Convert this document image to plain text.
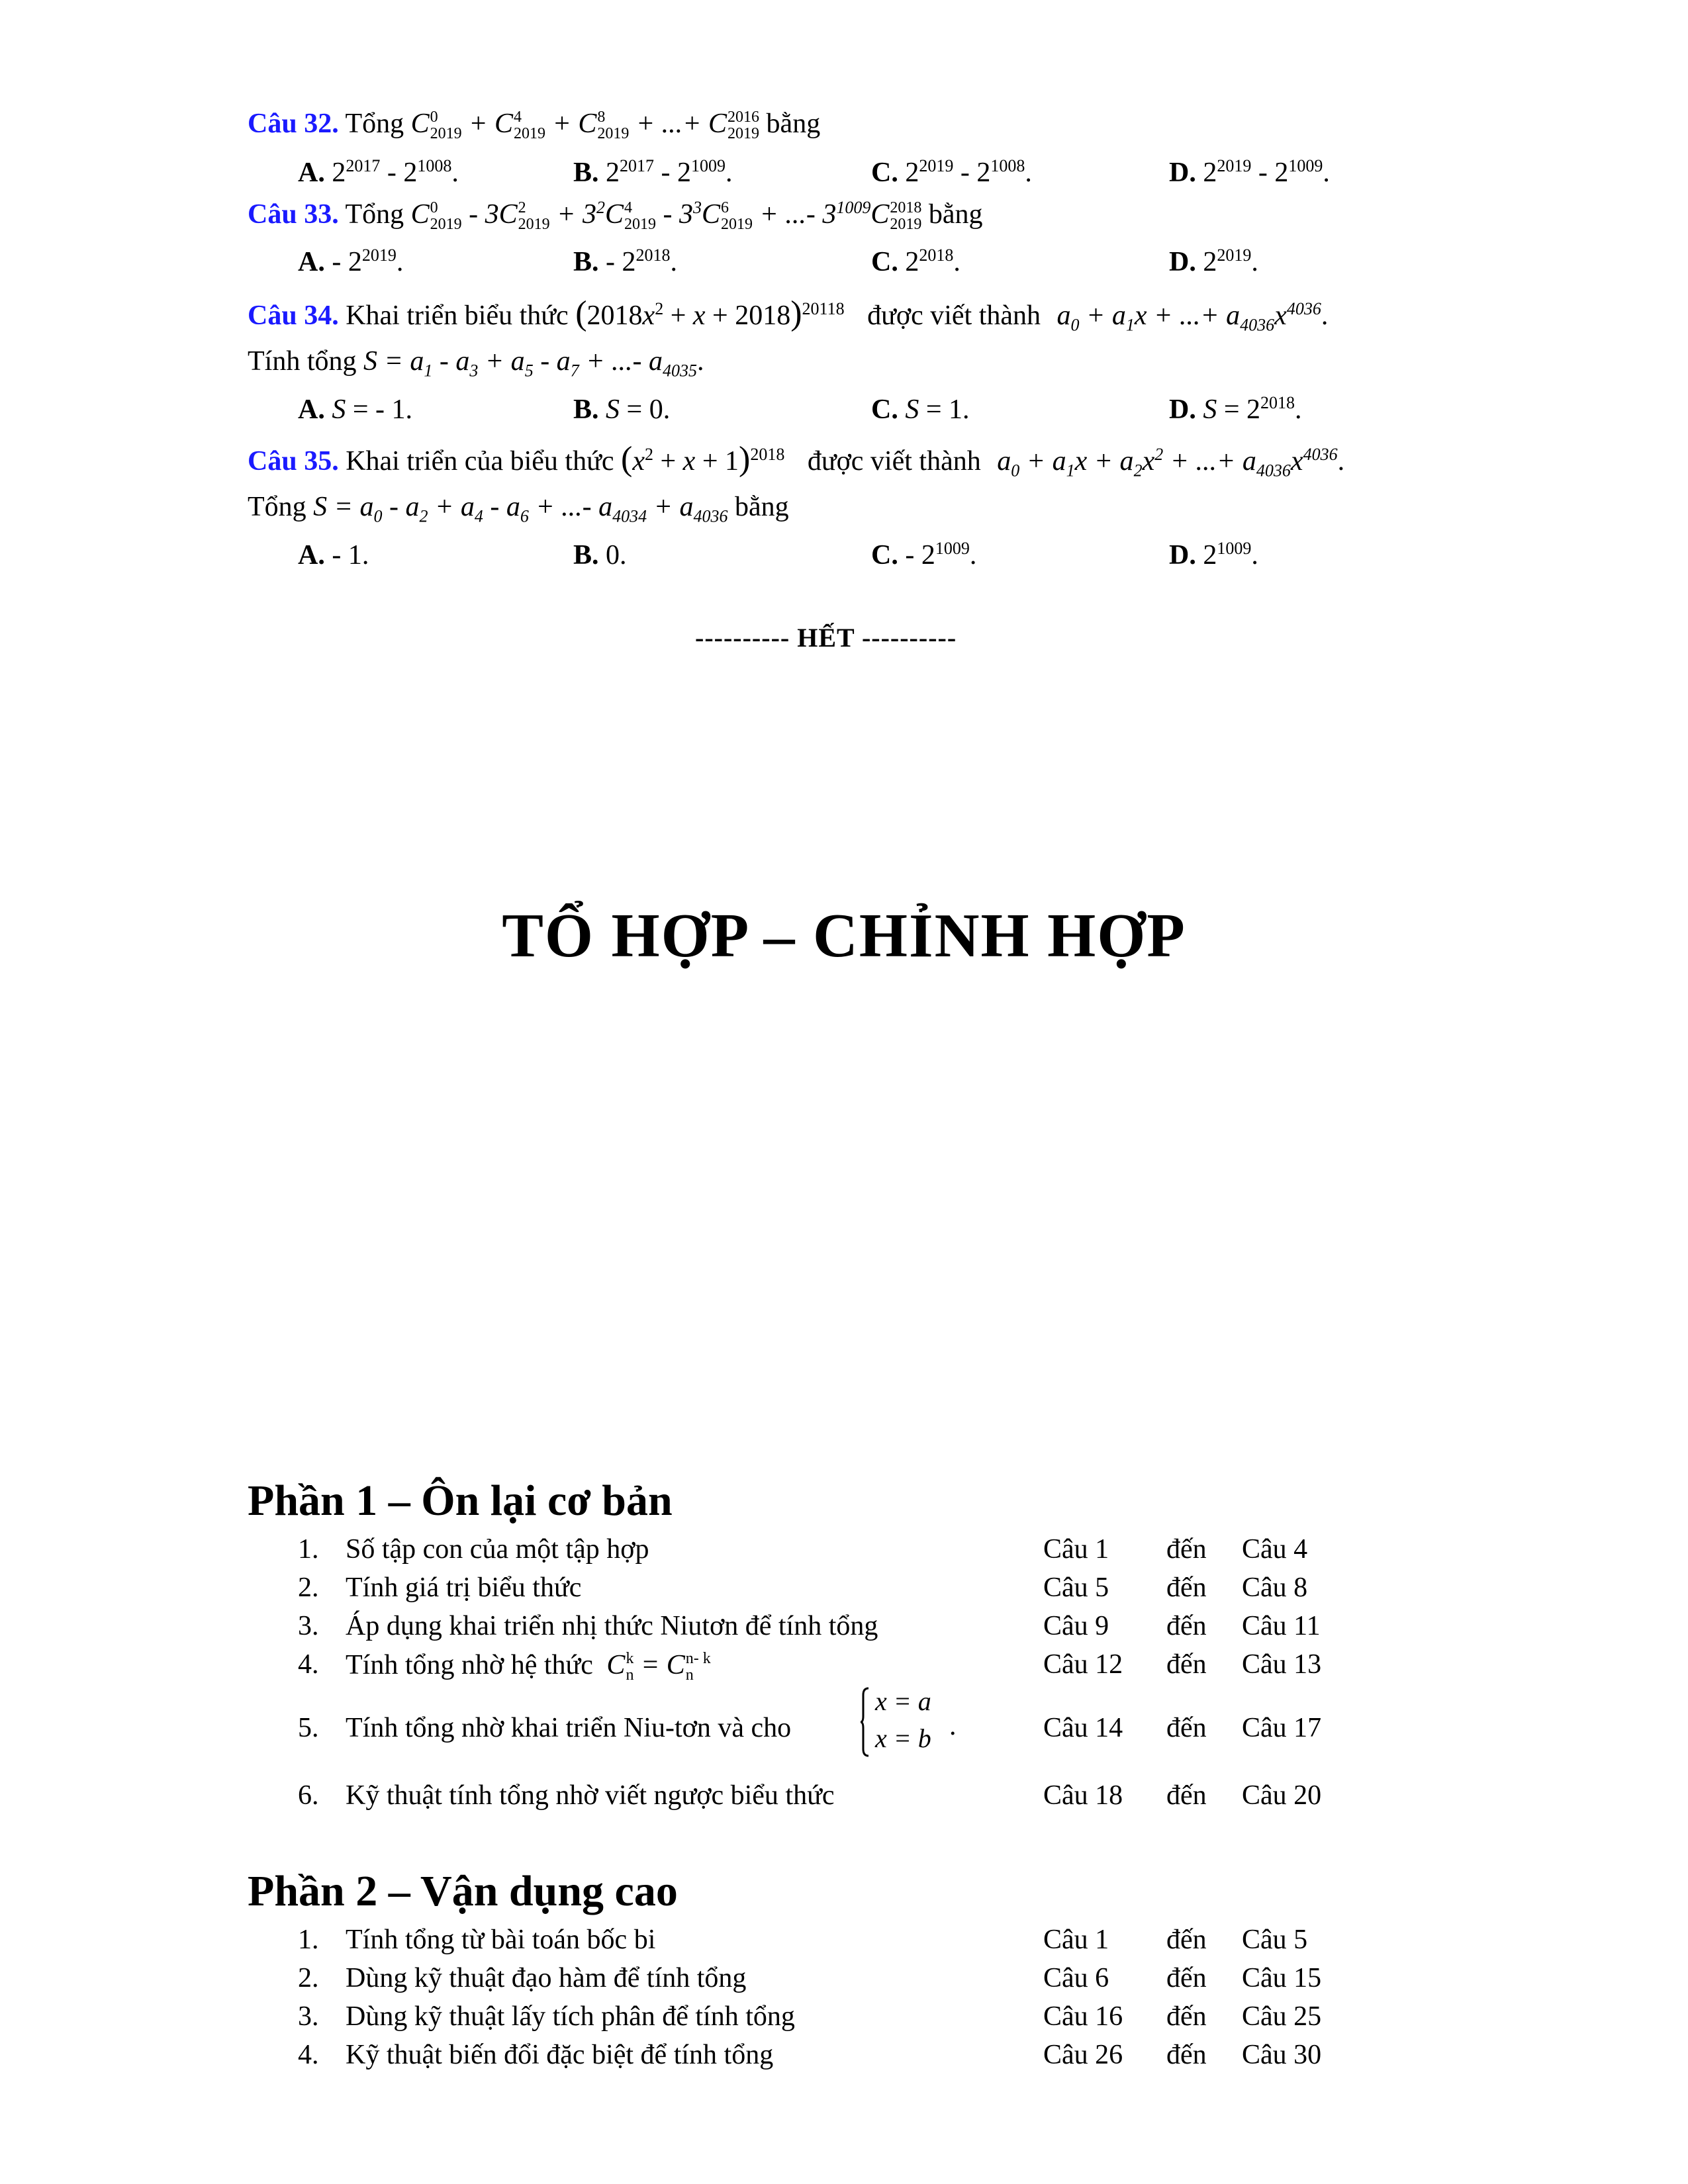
Câu 32. Tổng C 0
2019 + C 4
2019 + C 8
2019 + ...+ C 2016
2019 bằng
A. $2^{2017} - 2^{1008}$.	B. $2^{2017} - 2^{1009}$.	C. $2^{2019} - 2^{1008}$.	D. $2^{2019} - 2^{1009}$.
Câu 33. Tổng C 0
2019 - 3C 2
$2019 + 3^2C$ 4
$2019 - 3^3C$ 6
2019 + ...- $3^{1009}C$ 2018
2019 bằng
A. - $2^{2019}$.	B. - $2^{2018}$.	C. $2^{2018}$.	D. $2^{2019}$.
Câu 34. Khai triển biểu thức $(2018x^2 + x + 2018)^{20118}$ được viết thành $a_0 + a_1x$ + ...+ $a_{4036}x^{4036}$.
Tính tổng $S = a_1 - a_3 + a_5 - a_7$ + ...- $a_{4035}$.
A. S = - 1.	B. S = 0.	C. S = 1.	D. $S = 2^{2018}$.
Câu 35. Khai triển của biểu thức $(x^2 + x + 1)^{2018}$ được viết thành $a_0 + a_1x + a_2x^2$ + ...+ $a_{4036}x^{4036}$.
Tổng $S = a_0 - a_2 + a_4 - a_6$ + ...- $a_{4034} + a_{4036}$ bằng
A. - 1.	B. 0.	C. - $2^{1009}$.	D. $2^{1009}$.
---------- HẾT ----------
TỔ HỢP – CHỈNH HỢP
Phần 1 – Ôn lại cơ bản
1. Số tập con của một tập hợp	Câu 1 đến Câu 4
2. Tính giá trị biểu thức	Câu 5 đến Câu 8
3. Áp dụng khai triển nhị thức Niutơn để tính tổng	Câu 9 đến Câu 11
4. Tính tổng nhờ hệ thức C k
n = C n- k
n	Câu 12 đến Câu 13
5. Tính tổng nhờ khai triển Niu-tơn và cho
x = a
x = b .	Câu 14 đến Câu 17
6. Kỹ thuật tính tổng nhờ viết ngược biểu thức	Câu 18 đến Câu 20
Phần 2 – Vận dụng cao
1. Tính tổng từ bài toán bốc bi	Câu 1 đến Câu 5
2. Dùng kỹ thuật đạo hàm để tính tổng	Câu 6 đến Câu 15
3. Dùng kỹ thuật lấy tích phân để tính tổng	Câu 16 đến Câu 25
4. Kỹ thuật biến đổi đặc biệt để tính tổng	Câu 26 đến Câu 30
